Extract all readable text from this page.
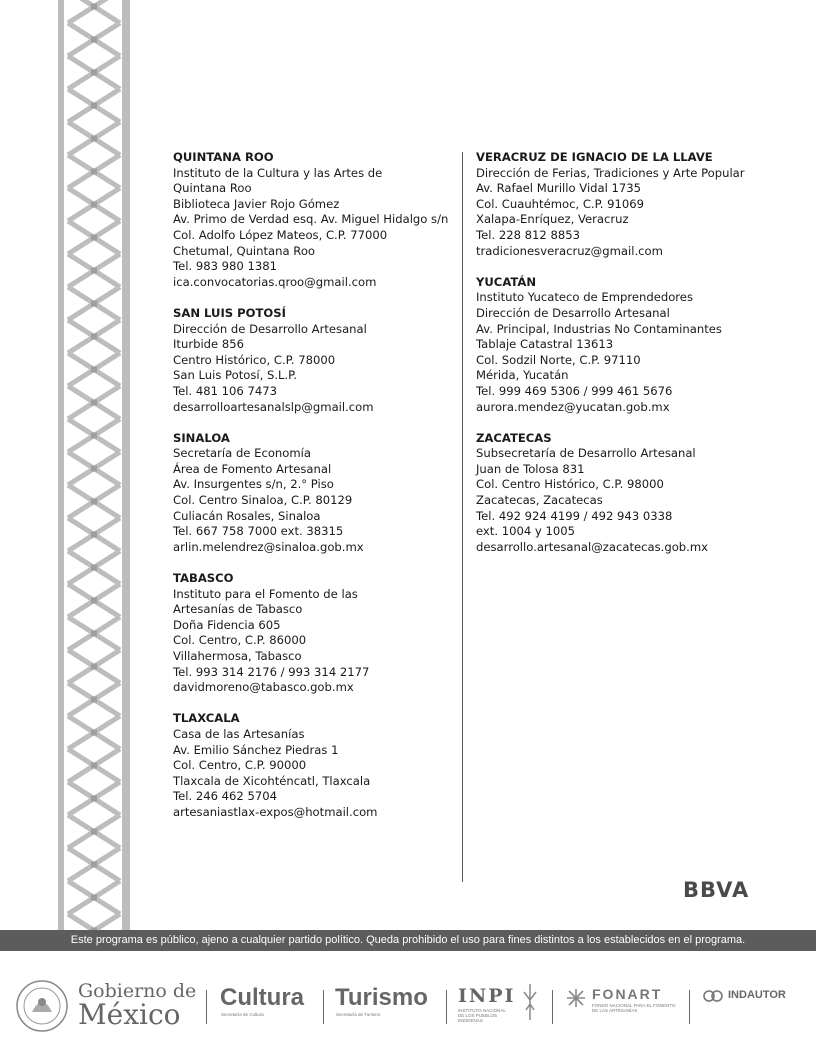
QUINTANA ROO
Instituto de la Cultura y las Artes de
Quintana Roo
Biblioteca Javier Rojo Gómez
Av. Primo de Verdad esq. Av. Miguel Hidalgo s/n
Col. Adolfo López Mateos, C.P. 77000
Chetumal, Quintana Roo
Tel. 983 980 1381
ica.convocatorias.qroo@gmail.com
SAN LUIS POTOSÍ
Dirección de Desarrollo Artesanal
Iturbide 856
Centro Histórico, C.P. 78000
San Luis Potosí, S.L.P.
Tel. 481 106 7473
desarrolloartesanalslp@gmail.com
SINALOA
Secretaría de Economía
Área de Fomento Artesanal
Av. Insurgentes s/n, 2.° Piso
Col. Centro Sinaloa, C.P. 80129
Culiacán Rosales, Sinaloa
Tel. 667 758 7000 ext. 38315
arlin.melendrez@sinaloa.gob.mx
TABASCO
Instituto para el Fomento de las
Artesanías de Tabasco
Doña Fidencia 605
Col. Centro, C.P. 86000
Villahermosa, Tabasco
Tel. 993 314 2176 / 993 314 2177
davidmoreno@tabasco.gob.mx
TLAXCALA
Casa de las Artesanías
Av. Emilio Sánchez Piedras 1
Col. Centro, C.P. 90000
Tlaxcala de Xicohténcatl, Tlaxcala
Tel. 246 462 5704
artesaniastlax-expos@hotmail.com
VERACRUZ DE IGNACIO DE LA LLAVE
Dirección de Ferias, Tradiciones y Arte Popular
Av. Rafael Murillo Vidal 1735
Col. Cuauhtémoc, C.P. 91069
Xalapa-Enríquez, Veracruz
Tel. 228 812 8853
tradicionesveracruz@gmail.com
YUCATÁN
Instituto Yucateco de Emprendedores
Dirección de Desarrollo Artesanal
Av. Principal, Industrias No Contaminantes
Tablaje Catastral 13613
Col. Sodzil Norte, C.P. 97110
Mérida, Yucatán
Tel. 999 469 5306 / 999 461 5676
aurora.mendez@yucatan.gob.mx
ZACATECAS
Subsecretaría de Desarrollo Artesanal
Juan de Tolosa 831
Col. Centro Histórico, C.P. 98000
Zacatecas, Zacatecas
Tel. 492 924 4199 / 492 943 0338
ext. 1004 y 1005
desarrollo.artesanal@zacatecas.gob.mx
BBVA
Este programa es público, ajeno a cualquier partido político. Queda prohibido el uso para fines distintos a los establecidos en el programa.
Gobierno de
México
Cultura
Secretaría de Cultura
Turismo
Secretaría de Turismo
INPI
INSTITUTO NACIONAL DE LOS PUEBLOS INDÍGENAS
FONART
FONDO NACIONAL PARA EL FOMENTO DE LAS ARTESANÍAS
INDAUTOR
